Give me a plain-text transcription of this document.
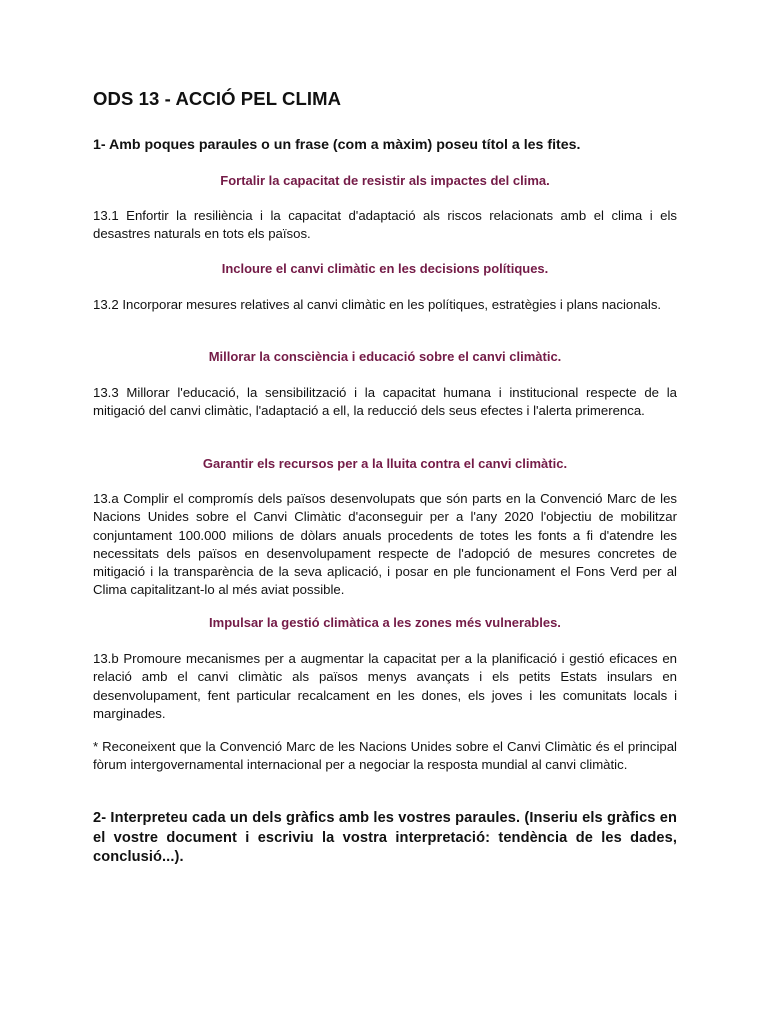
ODS 13 - ACCIÓ PEL CLIMA

1- Amb poques paraules o un frase (com a màxim) poseu títol a les fites.

Fortalir la capacitat de resistir als impactes del clima.

13.1 Enfortir la resiliència i la capacitat d'adaptació als riscos relacionats amb el clima i els desastres naturals en tots els països.

Incloure el canvi climàtic en les decisions polítiques.

13.2 Incorporar mesures relatives al canvi climàtic en les polítiques, estratègies i plans nacionals.

Millorar la consciència i educació sobre el canvi climàtic.

13.3 Millorar l'educació, la sensibilització i la capacitat humana i institucional respecte de la mitigació del canvi climàtic, l'adaptació a ell, la reducció dels seus efectes i l'alerta primerenca.

Garantir els recursos per a la lluita contra el canvi climàtic.

13.a Complir el compromís dels països desenvolupats que són parts en la Convenció Marc de les Nacions Unides sobre el Canvi Climàtic d'aconseguir per a l'any 2020 l'objectiu de mobilitzar conjuntament 100.000 milions de dòlars anuals procedents de totes les fonts a fi d'atendre les necessitats dels països en desenvolupament respecte de l'adopció de mesures concretes de mitigació i la transparència de la seva aplicació, i posar en ple funcionament el Fons Verd per al Clima capitalitzant-lo al més aviat possible.

Impulsar la gestió climàtica a les zones més vulnerables.

13.b Promoure mecanismes per a augmentar la capacitat per a la planificació i gestió eficaces en relació amb el canvi climàtic als països menys avançats i els petits Estats insulars en desenvolupament, fent particular recalcament en les dones, els joves i les comunitats locals i marginades.

* Reconeixent que la Convenció Marc de les Nacions Unides sobre el Canvi Climàtic és el principal fòrum intergovernamental internacional per a negociar la resposta mundial al canvi climàtic.

2- Interpreteu cada un dels gràfics amb les vostres paraules. (Inseriu els gràfics en el vostre document i escriviu la vostra interpretació: tendència de les dades, conclusió...).
